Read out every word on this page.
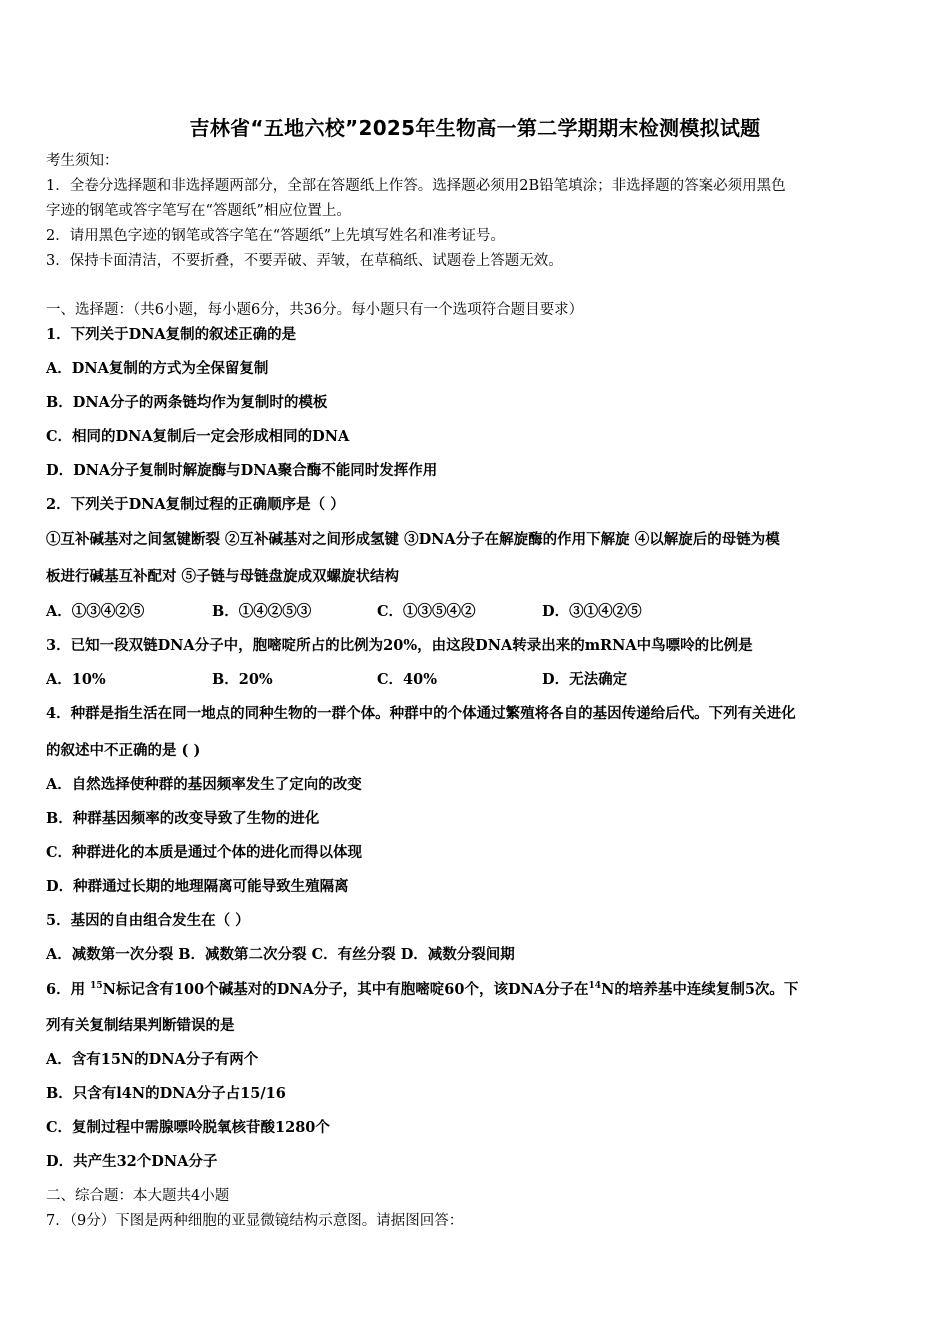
吉林省“五地六校”2025年生物高一第二学期期末检测模拟试题
考生须知：
1．全卷分选择题和非选择题两部分，全部在答题纸上作答。选择题必须用2B铅笔填涂；非选择题的答案必须用黑色
字迹的钢笔或答字笔写在“答题纸”相应位置上。
2．请用黑色字迹的钢笔或答字笔在“答题纸”上先填写姓名和准考证号。
3．保持卡面清洁，不要折叠，不要弄破、弄皱，在草稿纸、试题卷上答题无效。
一、选择题：（共6小题，每小题6分，共36分。每小题只有一个选项符合题目要求）
1．下列关于DNA复制的叙述正确的是
A．DNA复制的方式为全保留复制
B．DNA分子的两条链均作为复制时的模板
C．相同的DNA复制后一定会形成相同的DNA
D．DNA分子复制时解旋酶与DNA聚合酶不能同时发挥作用
2．下列关于DNA复制过程的正确顺序是（ ）
①互补碱基对之间氢键断裂 ②互补碱基对之间形成氢键 ③DNA分子在解旋酶的作用下解旋 ④以解旋后的母链为模
板进行碱基互补配对 ⑤子链与母链盘旋成双螺旋状结构
A．①③④②⑤	B．①④②⑤③	C．①③⑤④②	D．③①④②⑤
3．已知一段双链DNA分子中，胞嘧啶所占的比例为20%，由这段DNA转录出来的mRNA中鸟嘌呤的比例是
A．10%	B．20%	C．40%	D．无法确定
4．种群是指生活在同一地点的同种生物的一群个体。种群中的个体通过繁殖将各自的基因传递给后代。下列有关进化
的叙述中不正确的是 ( )
A．自然选择使种群的基因频率发生了定向的改变
B．种群基因频率的改变导致了生物的进化
C．种群进化的本质是通过个体的进化而得以体现
D．种群通过长期的地理隔离可能导致生殖隔离
5．基因的自由组合发生在（ ）
A．减数第一次分裂 B．减数第二次分裂 C．有丝分裂 D．减数分裂间期
6．用 $^{15}$N标记含有100个碱基对的DNA分子，其中有胞嘧啶60个，该DNA分子在$^{14}$N的培养基中连续复制5次。下
列有关复制结果判断错误的是
A．含有15N的DNA分子有两个
B．只含有l4N的DNA分子占15/16
C．复制过程中需腺嘌呤脱氧核苷酸1280个
D．共产生32个DNA分子
二、综合题：本大题共4小题
7．（9分）下图是两种细胞的亚显微镜结构示意图。请据图回答：
